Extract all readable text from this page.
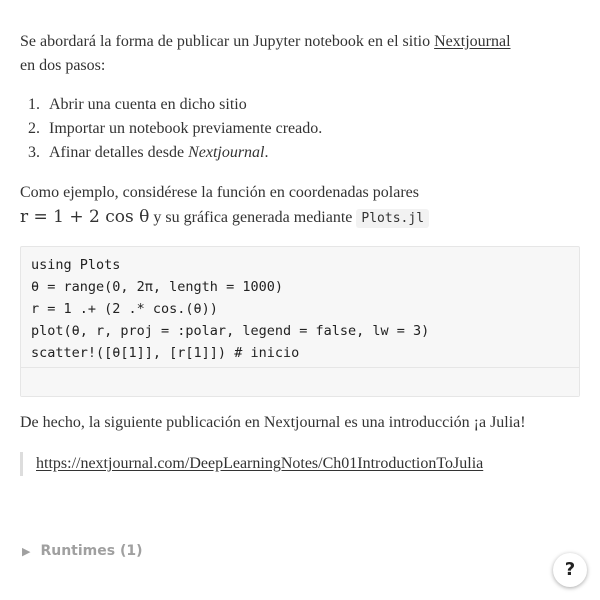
Se abordará la forma de publicar un Jupyter notebook en el sitio Nextjournal
en dos pasos:

1. Abrir una cuenta en dicho sitio
2. Importar un notebook previamente creado.
3. Afinar detalles desde Nextjournal.

Como ejemplo, considérese la función en coordenadas polares
r = 1 + 2 cos θ y su gráfica generada mediante Plots.jl

using Plots
θ = range(0, 2π, length = 1000)
r = 1 .+ (2 .* cos.(θ))
plot(θ, r, proj = :polar, legend = false, lw = 3)
scatter!([θ[1]], [r[1]]) # inicio

De hecho, la siguiente publicación en Nextjournal es una introducción ¡a Julia!

https://nextjournal.com/DeepLearningNotes/Ch01IntroductionToJulia
▶ Runtimes (1)
?
